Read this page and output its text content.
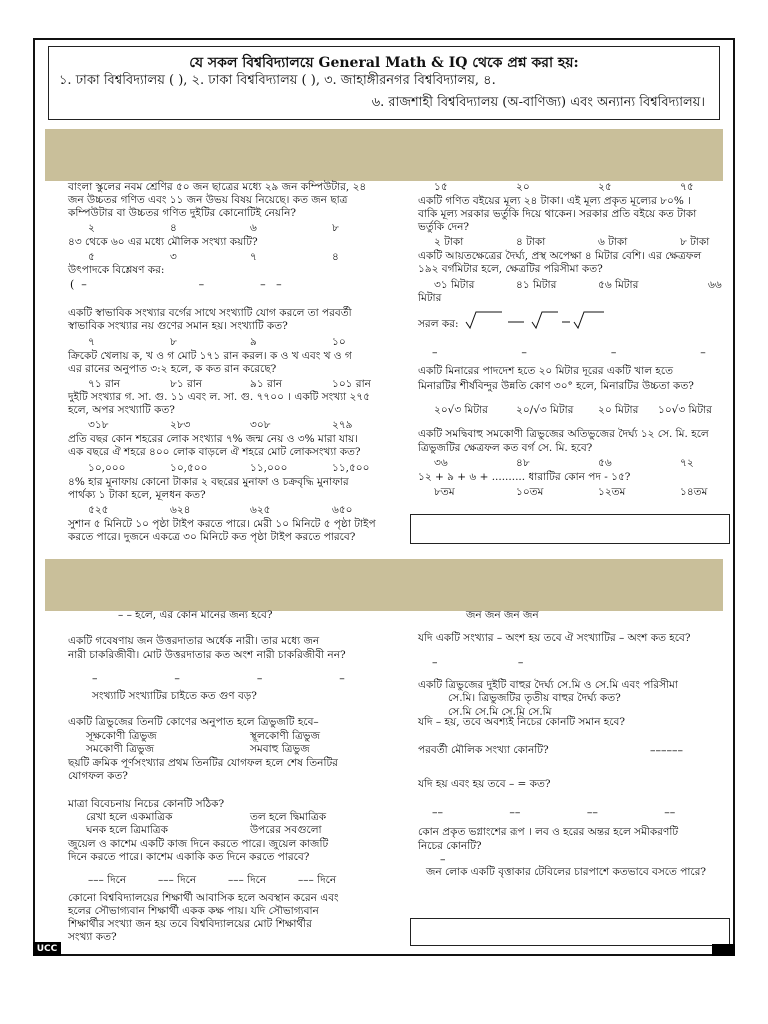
যে সকল বিশ্ববিদ্যালয়ে General Math & IQ থেকে প্রশ্ন করা হয়:
১. ঢাকা বিশ্ববিদ্যালয় ( ), ২. ঢাকা বিশ্ববিদ্যালয় ( ), ৩. জাহাঙ্গীরনগর বিশ্ববিদ্যালয়, ৪.
৬. রাজশাহী বিশ্ববিদ্যালয় (অ-বাণিজ্য) এবং অন্যান্য বিশ্ববিদ্যালয়।
বাংলা স্কুলের নবম শ্রেণির ৫০ জন ছাত্রের মধ্যে ২৯ জন কম্পিউটার, ২৪
জন উচ্চতর গণিত এবং ১১ জন উভয় বিষয় নিয়েছে। কত জন ছাত্র
কম্পিউটার বা উচ্চতর গণিত দুইটির কোনোটিই নেয়নি?
২	৪	৬	৮
৪৩ থেকে ৬০ এর মধ্যে মৌলিক সংখ্যা কয়টি?
৫	৩	৭	৪
উৎপাদকে বিশ্লেষণ কর:
(  –                                –                –   –
একটি স্বাভাবিক সংখ্যার বর্গের সাথে সংখ্যাটি যোগ করলে তা পরবর্তী
স্বাভাবিক সংখ্যার নয় গুণের সমান হয়। সংখ্যাটি কত?
৭	৮	৯	১০
ক্রিকেট খেলায় ক, খ ও গ মোট ১৭১ রান করল। ক ও খ এবং খ ও গ
এর রানের অনুপাত ৩:২ হলে, ক কত রান করেছে?
৭১ রান	৮১ রান	৯১ রান	১০১ রান
দুইটি সংখ্যার গ. সা. গু. ১১ এবং ল. সা. গু. ৭৭০০ । একটি সংখ্যা ২৭৫
হলে, অপর সংখ্যাটি কত?
৩১৮	২৮৩	৩০৮	২৭৯
প্রতি বছর কোন শহরের লোক সংখ্যার ৭% জন্ম নেয় ও ৩% মারা যায়।
এক বছরে ঐ শহরে ৪০০ লোক বাড়লে ঐ শহরে মোট লোকসংখ্যা কত?
১০,০০০	১০,৫০০	১১,০০০	১১,৫০০
৪% হার মুনাফায় কোনো টাকার ২ বছরের মুনাফা ও চক্রবৃদ্ধি মুনাফার
পার্থক্য ১ টাকা হলে, মূলধন কত?
৫২৫	৬২৪	৬২৫	৬৫০
সুশান ৫ মিনিটে ১০ পৃষ্ঠা টাইপ করতে পারে। মেরী ১০ মিনিটে ৫ পৃষ্ঠা টাইপ
করতে পারে। দুজনে একত্রে ৩০ মিনিটে কত পৃষ্ঠা টাইপ করতে পারবে?
১৫	২০	২৫	৭৫
একটি গণিত বইয়ের মূল্য ২৪ টাকা। এই মূল্য প্রকৃত মূল্যের ৮০% ।
বাকি মূল্য সরকার ভর্তুকি দিয়ে থাকেন। সরকার প্রতি বইয়ে কত টাকা
ভর্তুকি দেন?
২ টাকা	৪ টাকা	৬ টাকা	৮ টাকা
একটি আয়তক্ষেত্রের দৈর্ঘ্য, প্রস্থ অপেক্ষা ৪ মিটার বেশি। এর ক্ষেত্রফল
১৯২ বর্গমিটার হলে, ক্ষেত্রটির পরিসীমা কত?
৩১ মিটার	৪১ মিটার	৫৬ মিটার	৬৬
মিটার
সরল কর:
–                        –                        –                        –
একটি মিনারের পাদদেশ হতে ২০ মিটার দূরের একটি খাল হতে
মিনারটির শীর্ষবিন্দুর উন্নতি কোণ ৩০° হলে, মিনারটির উচ্চতা কত?
২০√৩ মিটার	২০/√৩ মিটার ২০ মিটার ১০√৩ মিটার
একটি সমদ্বিবাহু সমকোণী ত্রিভুজের অতিভুজের দৈর্ঘ্য ১২ সে. মি. হলে
ত্রিভুজটির ক্ষেত্রফল কত বর্গ সে. মি. হবে?
৩৬	৪৮	৫৬	৭২
১২ + ৯ + ৬ + .......... ধারাটির কোন পদ - ১৫?
৮তম	১০তম	১২তম	১৪তম
– – হলে, এর কোন মানের জন্য হবে?
একটি গবেষণায় জন উত্তরদাতার অর্ধেক নারী। তার মধ্যে জন
নারী চাকরিজীবী। মোট উত্তরদাতার কত অংশ নারী চাকরিজীবী নন?
–                      –                      –                      –
সংখ্যাটি সংখ্যাটির চাইতে কত গুণ বড়?
একটি ত্রিভুজের তিনটি কোণের অনুপাত হলে ত্রিভুজটি হবে–
সূক্ষকোণী ত্রিভুজ	স্থূলকোণী ত্রিভুজ
সমকোণী ত্রিভুজ	সমবাহু ত্রিভুজ
ছয়টি ক্রমিক পূর্ণসংখ্যার প্রথম তিনটির যোগফল হলে শেষ তিনটির
যোগফল কত?
মাত্রা বিবেচনায় নিচের কোনটি সঠিক?
রেখা হলে একমাত্রিক	তল হলে দ্বিমাত্রিক
ঘনক হলে ত্রিমাত্রিক	উপরের সবগুলো
জুয়েল ও কাশেম একটি কাজ দিনে করতে পারে। জুয়েল কাজটি
দিনে করতে পারে। কাশেম একাকি কত দিনে করতে পারবে?
––– দিনে	––– দিনে	––– দিনে	––– দিনে
কোনো বিশ্ববিদ্যালয়ের শিক্ষার্থী আবাসিক হলে অবস্থান করেন এবং
হলের সৌভাগ্যবান শিক্ষার্থী একক কক্ষ পায়। যদি সৌভাগ্যবান
শিক্ষার্থীর সংখ্যা জন হয় তবে বিশ্ববিদ্যালয়ের মোট শিক্ষার্থীর
সংখ্যা কত?
জন জন জন জন
যদি একটি সংখ্যার – অংশ হয় তবে ঐ সংখ্যাটির – অংশ কত হবে?
–                       –
একটি ত্রিভুজের দুইটি বাহুর দৈর্ঘ্য সে.মি ও সে.মি এবং পরিসীমা
সে.মি। ত্রিভুজটির তৃতীয় বাহুর দৈর্ঘ্য কত?
সে.মি সে.মি সে.মি সে.মি
যদি – হয়, তবে অবশ্যই নিচের কোনটি সমান হবে?
পরবর্তী মৌলিক সংখ্যা কোনটি?	––––––
যদি হয় এবং হয় তবে – = কত?
––                   ––                   ––                   ––
কোন প্রকৃত ভগ্নাংশের রূপ । লব ও হরের অন্তর হলে সমীকরণটি
নিচের কোনটি?
–
জন লোক একটি বৃত্তাকার টেবিলের চারপাশে কতভাবে বসতে পারে?
UCC
